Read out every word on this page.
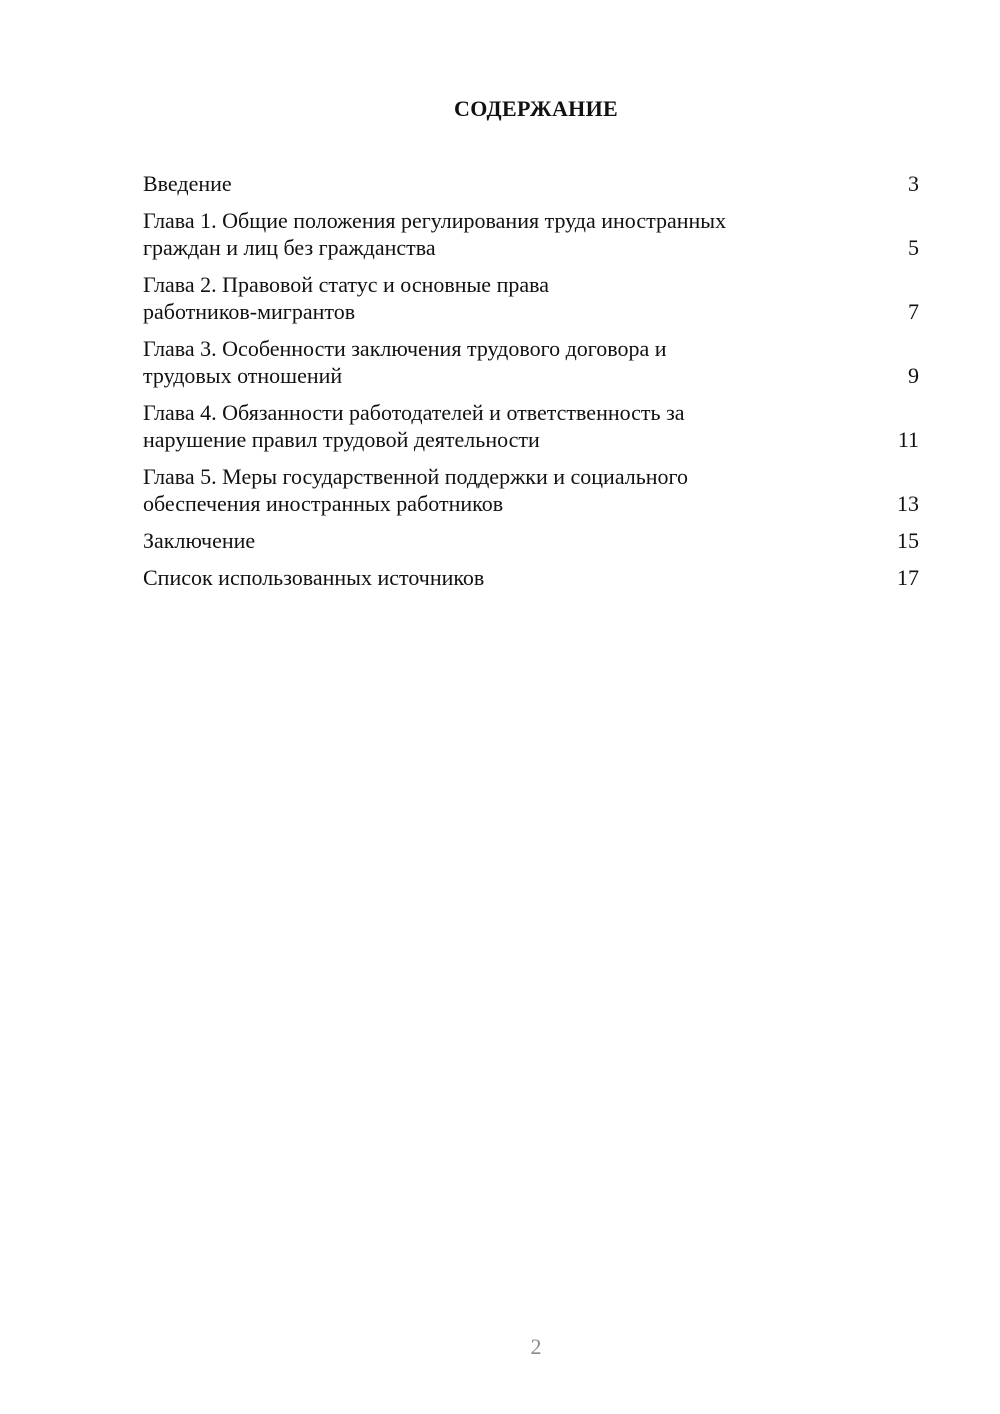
СОДЕРЖАНИЕ
Введение	3
Глава 1. Общие положения регулирования труда иностранных
граждан и лиц без гражданства	5
Глава 2. Правовой статус и основные права
работников-мигрантов	7
Глава 3. Особенности заключения трудового договора и
трудовых отношений	9
Глава 4. Обязанности работодателей и ответственность за
нарушение правил трудовой деятельности	11
Глава 5. Меры государственной поддержки и социального
обеспечения иностранных работников	13
Заключение	15
Список использованных источников	17
2
